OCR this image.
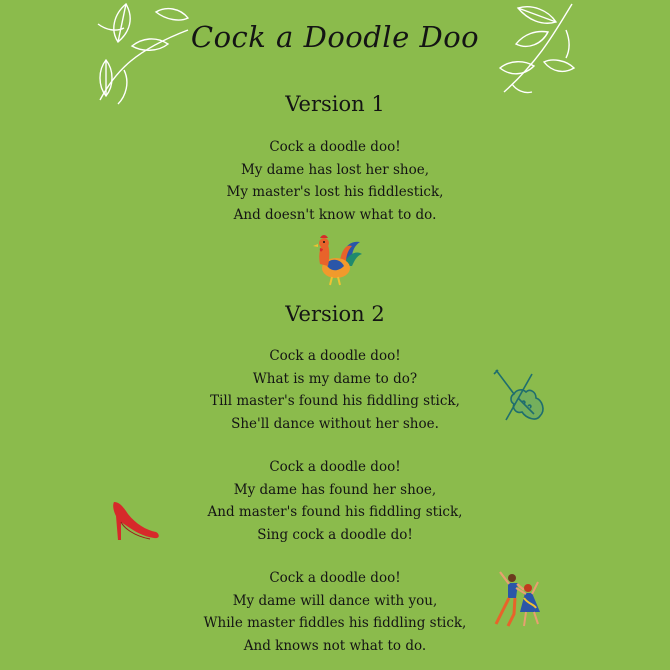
Cock a Doodle Doo
Version 1
Cock a doodle doo!
My dame has lost her shoe,
My master's lost his fiddlestick,
And doesn't know what to do.
Version 2
Cock a doodle doo!
What is my dame to do?
Till master's found his fiddling stick,
She'll dance without her shoe.
Cock a doodle doo!
My dame has found her shoe,
And master's found his fiddling stick,
Sing cock a doodle do!
Cock a doodle doo!
My dame will dance with you,
While master fiddles his fiddling stick,
And knows not what to do.
